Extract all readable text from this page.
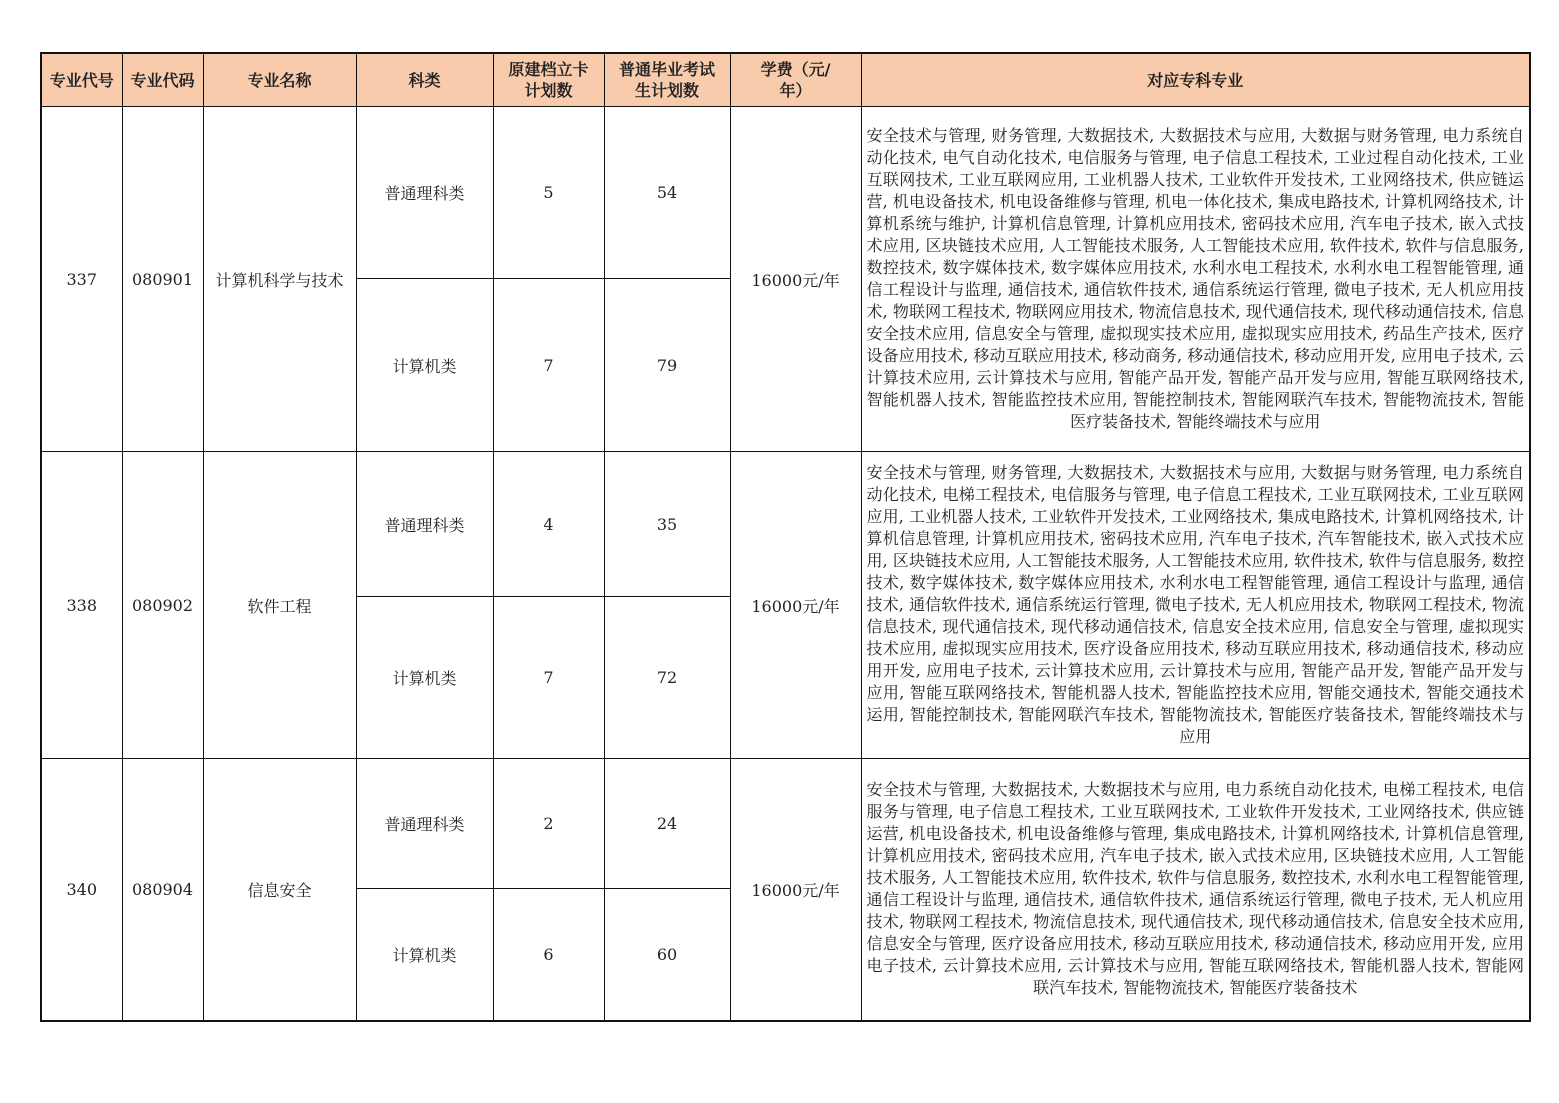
专业代号	专业代码	专业名称	科类	原建档立卡计划数	普通毕业考试生计划数	学费（元/年）	对应专科专业
337	080901	计算机科学与技术	普通理科类	5	54	16000元/年	安全技术与管理, 财务管理, 大数据技术, 大数据技术与应用, 大数据与财务管理, 电力系统自动化技术, 电气自动化技术, 电信服务与管理, 电子信息工程技术, 工业过程自动化技术, 工业互联网技术, 工业互联网应用, 工业机器人技术, 工业软件开发技术, 工业网络技术, 供应链运营, 机电设备技术, 机电设备维修与管理, 机电一体化技术, 集成电路技术, 计算机网络技术, 计算机系统与维护, 计算机信息管理, 计算机应用技术, 密码技术应用, 汽车电子技术, 嵌入式技术应用, 区块链技术应用, 人工智能技术服务, 人工智能技术应用, 软件技术, 软件与信息服务, 数控技术, 数字媒体技术, 数字媒体应用技术, 水利水电工程技术, 水利水电工程智能管理, 通信工程设计与监理, 通信技术, 通信软件技术, 通信系统运行管理, 微电子技术, 无人机应用技术, 物联网工程技术, 物联网应用技术, 物流信息技术, 现代通信技术, 现代移动通信技术, 信息安全技术应用, 信息安全与管理, 虚拟现实技术应用, 虚拟现实应用技术, 药品生产技术, 医疗设备应用技术, 移动互联应用技术, 移动商务, 移动通信技术, 移动应用开发, 应用电子技术, 云计算技术应用, 云计算技术与应用, 智能产品开发, 智能产品开发与应用, 智能互联网络技术, 智能机器人技术, 智能监控技术应用, 智能控制技术, 智能网联汽车技术, 智能物流技术, 智能医疗装备技术, 智能终端技术与应用
			计算机类	7	79		
338	080902	软件工程	普通理科类	4	35	16000元/年	安全技术与管理, 财务管理, 大数据技术, 大数据技术与应用, 大数据与财务管理, 电力系统自动化技术, 电梯工程技术, 电信服务与管理, 电子信息工程技术, 工业互联网技术, 工业互联网应用, 工业机器人技术, 工业软件开发技术, 工业网络技术, 集成电路技术, 计算机网络技术, 计算机信息管理, 计算机应用技术, 密码技术应用, 汽车电子技术, 汽车智能技术, 嵌入式技术应用, 区块链技术应用, 人工智能技术服务, 人工智能技术应用, 软件技术, 软件与信息服务, 数控技术, 数字媒体技术, 数字媒体应用技术, 水利水电工程智能管理, 通信工程设计与监理, 通信技术, 通信软件技术, 通信系统运行管理, 微电子技术, 无人机应用技术, 物联网工程技术, 物流信息技术, 现代通信技术, 现代移动通信技术, 信息安全技术应用, 信息安全与管理, 虚拟现实技术应用, 虚拟现实应用技术, 医疗设备应用技术, 移动互联应用技术, 移动通信技术, 移动应用开发, 应用电子技术, 云计算技术应用, 云计算技术与应用, 智能产品开发, 智能产品开发与应用, 智能互联网络技术, 智能机器人技术, 智能监控技术应用, 智能交通技术, 智能交通技术运用, 智能控制技术, 智能网联汽车技术, 智能物流技术, 智能医疗装备技术, 智能终端技术与应用
			计算机类	7	72		
340	080904	信息安全	普通理科类	2	24	16000元/年	安全技术与管理, 大数据技术, 大数据技术与应用, 电力系统自动化技术, 电梯工程技术, 电信服务与管理, 电子信息工程技术, 工业互联网技术, 工业软件开发技术, 工业网络技术, 供应链运营, 机电设备技术, 机电设备维修与管理, 集成电路技术, 计算机网络技术, 计算机信息管理, 计算机应用技术, 密码技术应用, 汽车电子技术, 嵌入式技术应用, 区块链技术应用, 人工智能技术服务, 人工智能技术应用, 软件技术, 软件与信息服务, 数控技术, 水利水电工程智能管理, 通信工程设计与监理, 通信技术, 通信软件技术, 通信系统运行管理, 微电子技术, 无人机应用技术, 物联网工程技术, 物流信息技术, 现代通信技术, 现代移动通信技术, 信息安全技术应用, 信息安全与管理, 医疗设备应用技术, 移动互联应用技术, 移动通信技术, 移动应用开发, 应用电子技术, 云计算技术应用, 云计算技术与应用, 智能互联网络技术, 智能机器人技术, 智能网联汽车技术, 智能物流技术, 智能医疗装备技术
			计算机类	6	60		
